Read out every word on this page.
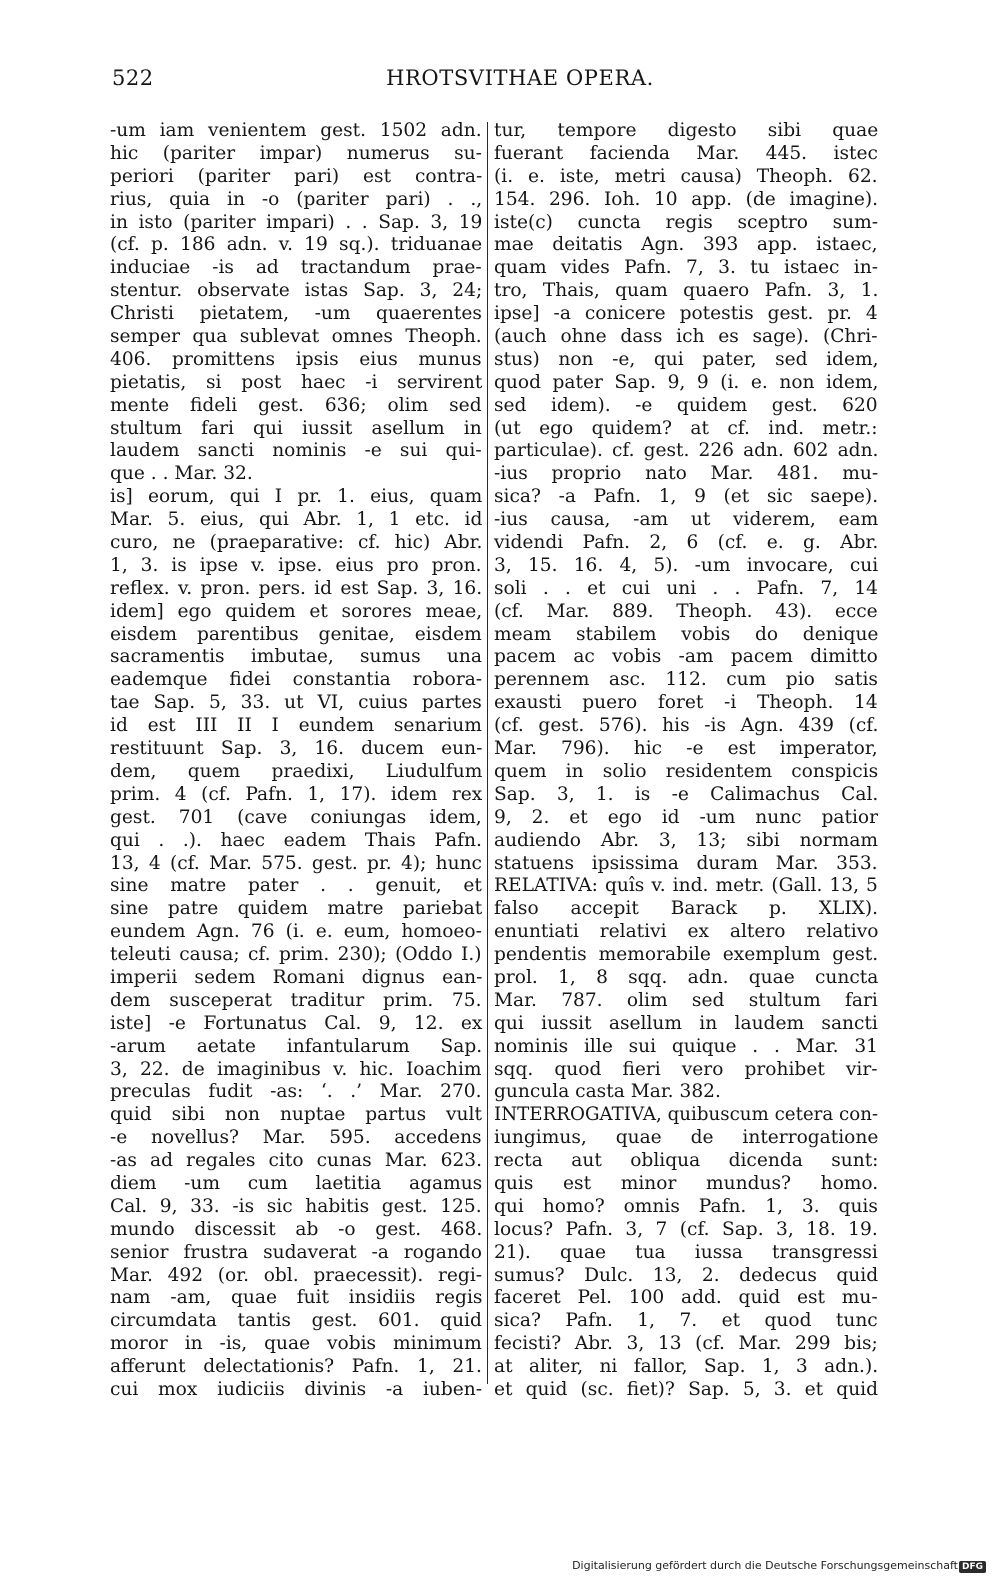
522	HROTSVITHAE OPERA.
-um iam venientem gest. 1502 adn.
hic (pariter impar) numerus su-
periori (pariter pari) est contra-
rius, quia in -o (pariter pari) . .,
in isto (pariter impari) . . Sap. 3, 19
(cf. p. 186 adn. v. 19 sq.). triduanae
induciae -is ad tractandum prae-
stentur. observate istas Sap. 3, 24;
Christi pietatem, -um quaerentes
semper qua sublevat omnes Theoph.
406. promittens ipsis eius munus
pietatis, si post haec -i servirent
mente fideli gest. 636; olim sed
stultum fari qui iussit asellum in
laudem sancti nominis -e sui qui-
que . . Mar. 32.
is] eorum, qui I pr. 1. eius, quam
Mar. 5. eius, qui Abr. 1, 1 etc. id
curo, ne (praeparative: cf. hic) Abr.
1, 3. is ipse v. ipse. eius pro pron.
reflex. v. pron. pers. id est Sap. 3, 16.
idem] ego quidem et sorores meae,
eisdem parentibus genitae, eisdem
sacramentis imbutae, sumus una
eademque fidei constantia robora-
tae Sap. 5, 33. ut VI, cuius partes
id est III II I eundem senarium
restituunt Sap. 3, 16. ducem eun-
dem, quem praedixi, Liudulfum
prim. 4 (cf. Pafn. 1, 17). idem rex
gest. 701 (cave coniungas idem,
qui . .). haec eadem Thais Pafn.
13, 4 (cf. Mar. 575. gest. pr. 4); hunc
sine matre pater . . genuit, et
sine patre quidem matre pariebat
eundem Agn. 76 (i. e. eum, homoeo-
teleuti causa; cf. prim. 230); (Oddo I.)
imperii sedem Romani dignus ean-
dem susceperat traditur prim. 75.
iste] -e Fortunatus Cal. 9, 12. ex
-arum aetate infantularum Sap.
3, 22. de imaginibus v. hic. Ioachim
preculas fudit -as: ‘. .’ Mar. 270.
quid sibi non nuptae partus vult
-e novellus? Mar. 595. accedens
-as ad regales cito cunas Mar. 623.
diem -um cum laetitia agamus
Cal. 9, 33. -is sic habitis gest. 125.
mundo discessit ab -o gest. 468.
senior frustra sudaverat -a rogando
Mar. 492 (or. obl. praecessit). regi-
nam -am, quae fuit insidiis regis
circumdata tantis gest. 601. quid
moror in -is, quae vobis minimum
afferunt delectationis? Pafn. 1, 21.
cui mox iudiciis divinis -a iuben-
tur, tempore digesto sibi quae
fuerant facienda Mar. 445. istec
(i. e. iste, metri causa) Theoph. 62.
154. 296. Ioh. 10 app. (de imagine).
iste(c) cuncta regis sceptro sum-
mae deitatis Agn. 393 app. istaec,
quam vides Pafn. 7, 3. tu istaec in-
tro, Thais, quam quaero Pafn. 3, 1.
ipse] -a conicere potestis gest. pr. 4
(auch ohne dass ich es sage). (Chri-
stus) non -e, qui pater, sed idem,
quod pater Sap. 9, 9 (i. e. non idem,
sed idem). -e quidem gest. 620
(ut ego quidem? at cf. ind. metr.:
particulae). cf. gest. 226 adn. 602 adn.
-ius proprio nato Mar. 481. mu-
sica? -a Pafn. 1, 9 (et sic saepe).
-ius causa, -am ut viderem, eam
videndi Pafn. 2, 6 (cf. e. g. Abr.
3, 15. 16. 4, 5). -um invocare, cui
soli . . et cui uni . . Pafn. 7, 14
(cf. Mar. 889. Theoph. 43). ecce
meam stabilem vobis do denique
pacem ac vobis -am pacem dimitto
perennem asc. 112. cum pio satis
exausti puero foret -i Theoph. 14
(cf. gest. 576). his -is Agn. 439 (cf.
Mar. 796). hic -e est imperator,
quem in solio residentem conspicis
Sap. 3, 1. is -e Calimachus Cal.
9, 2. et ego id -um nunc patior
audiendo Abr. 3, 13; sibi normam
statuens ipsissima duram Mar. 353.
RELATIVA: quîs v. ind. metr. (Gall. 13, 5
falso accepit Barack p. XLIX).
enuntiati relativi ex altero relativo
pendentis memorabile exemplum gest.
prol. 1, 8 sqq. adn. quae cuncta
Mar. 787. olim sed stultum fari
qui iussit asellum in laudem sancti
nominis ille sui quique . . Mar. 31
sqq. quod fieri vero prohibet vir-
guncula casta Mar. 382.
INTERROGATIVA, quibuscum cetera con-
iungimus, quae de interrogatione
recta aut obliqua dicenda sunt:
quis est minor mundus? homo.
qui homo? omnis Pafn. 1, 3. quis
locus? Pafn. 3, 7 (cf. Sap. 3, 18. 19.
21). quae tua iussa transgressi
sumus? Dulc. 13, 2. dedecus quid
faceret Pel. 100 add. quid est mu-
sica? Pafn. 1, 7. et quod tunc
fecisti? Abr. 3, 13 (cf. Mar. 299 bis;
at aliter, ni fallor, Sap. 1, 3 adn.).
et quid (sc. fiet)? Sap. 5, 3. et quid
Digitalisierung gefördert durch die Deutsche Forschungsgemeinschaft DFG
